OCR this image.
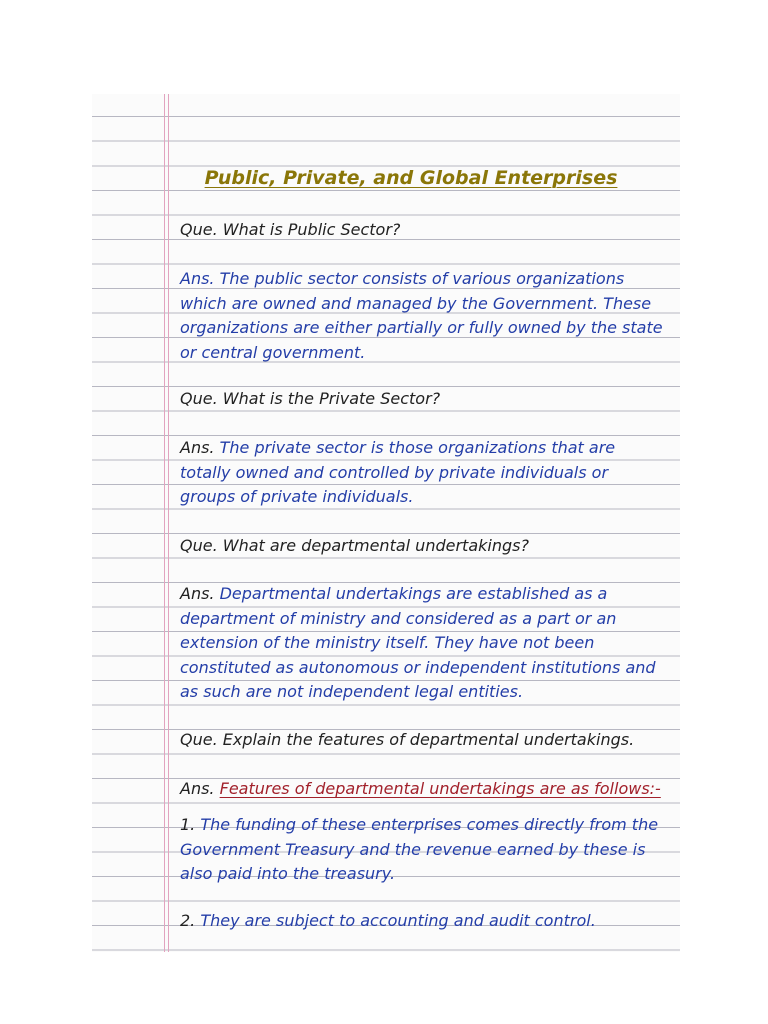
Public, Private, and Global Enterprises

Que. What is Public Sector?

Ans. The public sector consists of various organizations which are owned and managed by the Government. These organizations are either partially or fully owned by the state or central government.

Que. What is the Private Sector?

Ans. The private sector is those organizations that are totally owned and controlled by private individuals or groups of private individuals.

Que. What are departmental undertakings?

Ans. Departmental undertakings are established as a department of ministry and considered as a part or an extension of the ministry itself. They have not been constituted as autonomous or independent institutions and as such are not independent legal entities.

Que. Explain the features of departmental undertakings.

Ans. Features of departmental undertakings are as follows:-

1. The funding of these enterprises comes directly from the Government Treasury and the revenue earned by these is also paid into the treasury.

2. They are subject to accounting and audit control.
